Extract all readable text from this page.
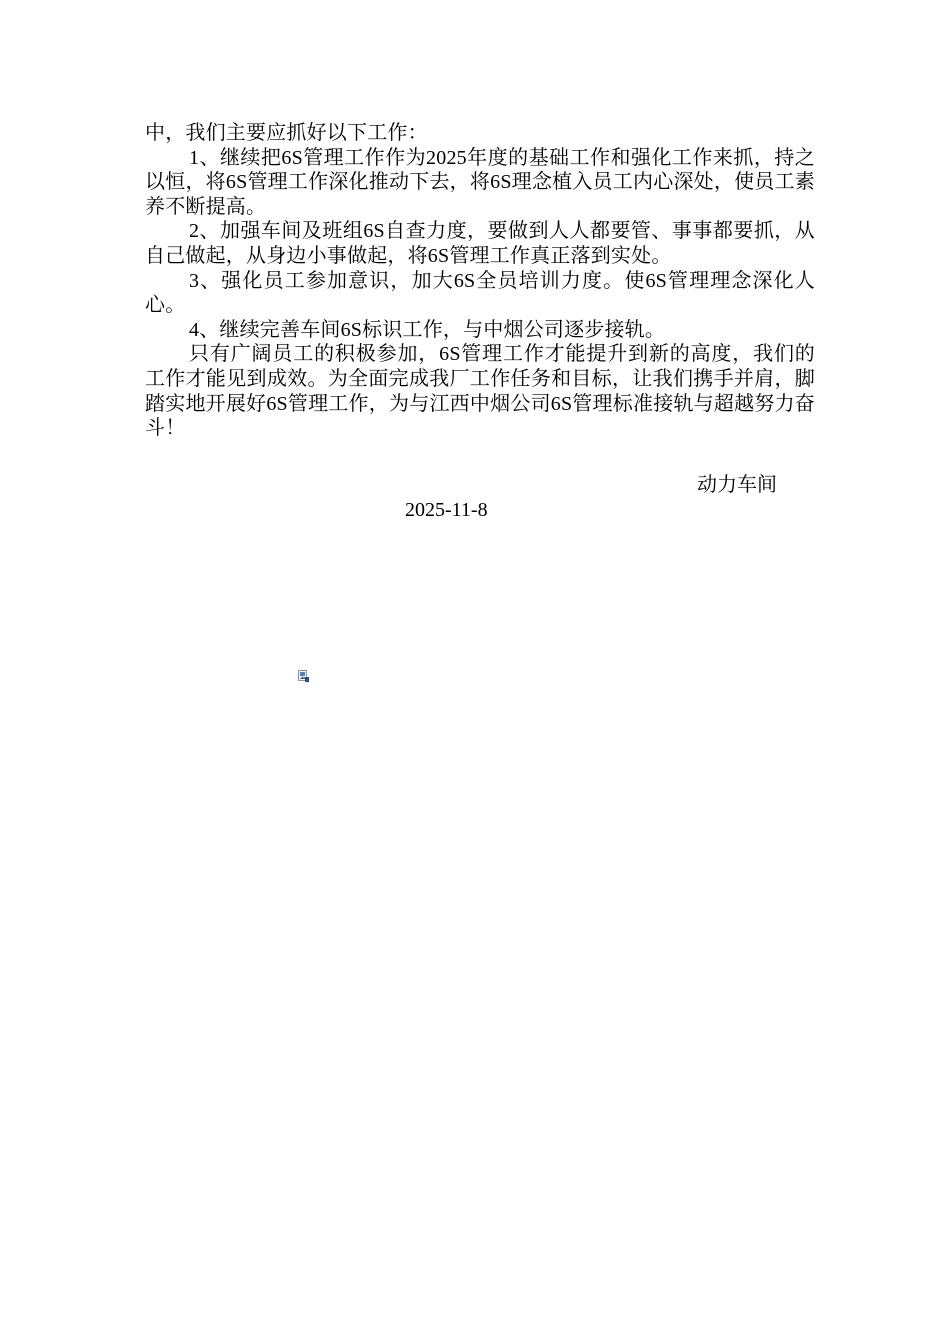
中，我们主要应抓好以下工作：

1、继续把6S管理工作作为2025年度的基础工作和强化工作来抓，持之以恒，将6S管理工作深化推动下去，将6S理念植入员工内心深处，使员工素养不断提高。

2、加强车间及班组6S自查力度，要做到人人都要管、事事都要抓，从自己做起，从身边小事做起，将6S管理工作真正落到实处。

3、强化员工参加意识，加大6S全员培训力度。使6S管理理念深化人心。

4、继续完善车间6S标识工作，与中烟公司逐步接轨。

只有广阔员工的积极参加，6S管理工作才能提升到新的高度，我们的工作才能见到成效。为全面完成我厂工作任务和目标，让我们携手并肩，脚踏实地开展好6S管理工作，为与江西中烟公司6S管理标准接轨与超越努力奋斗！

动力车间
2025-11-8
